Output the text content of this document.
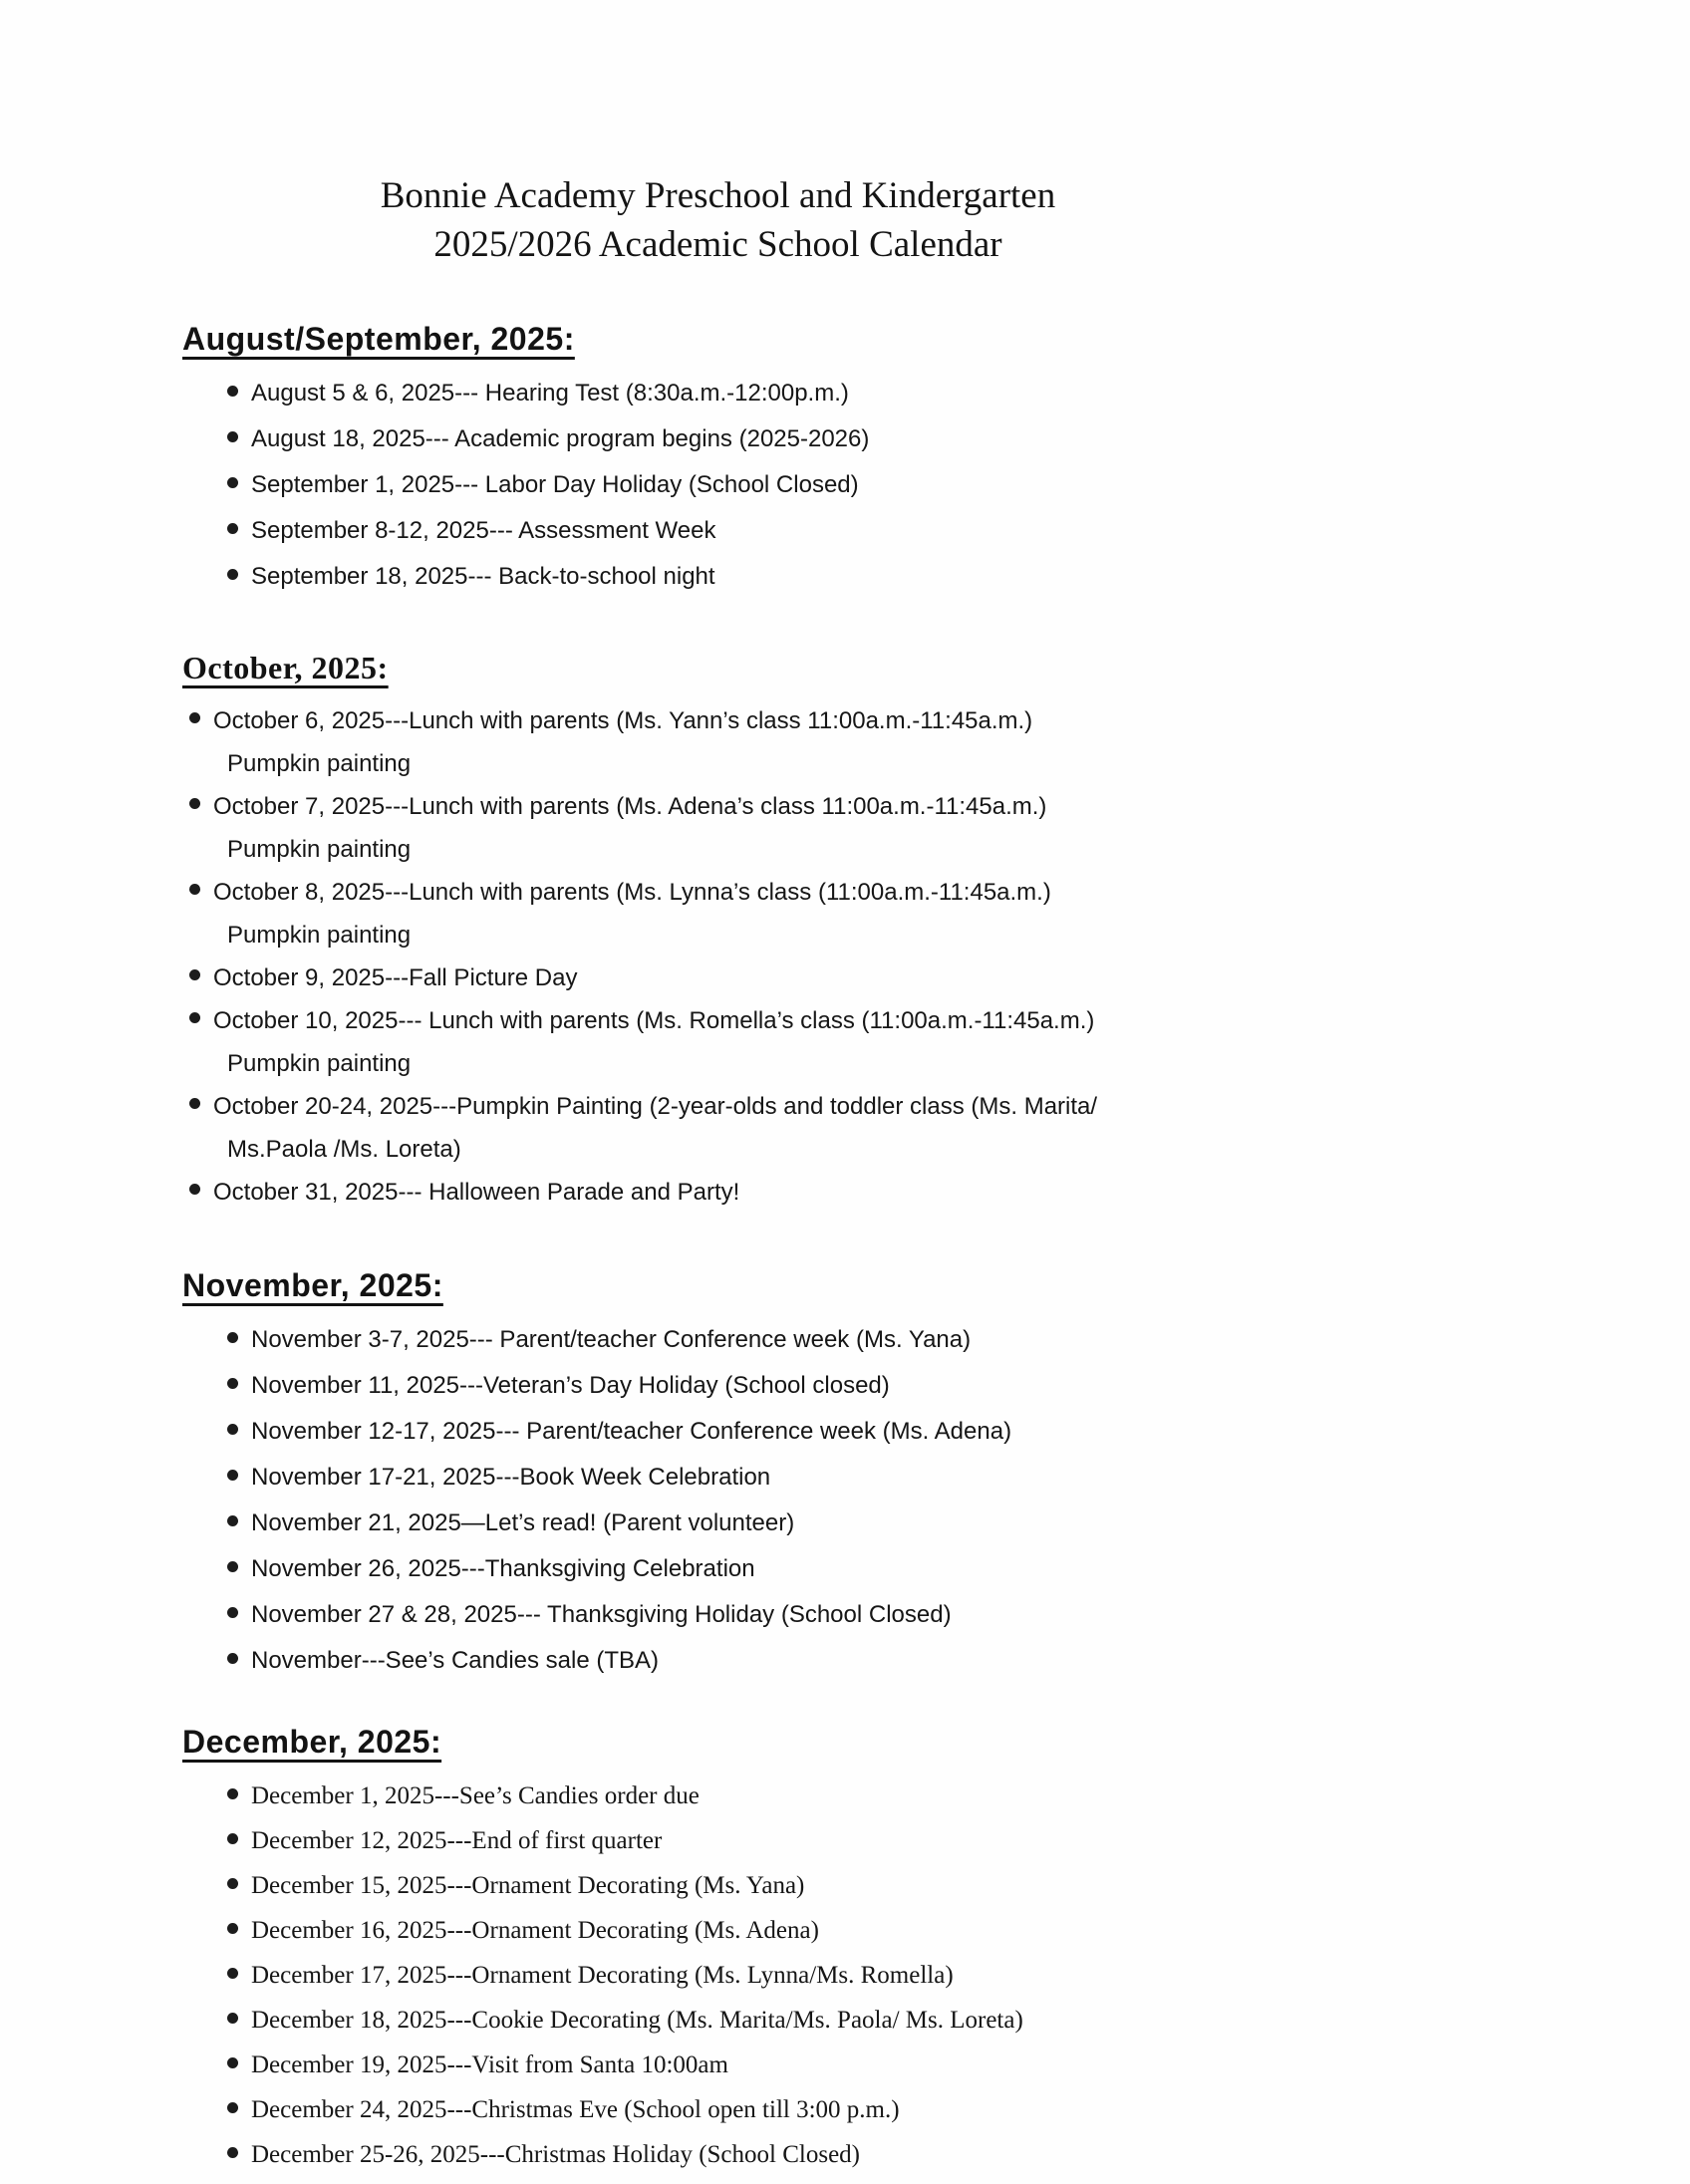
Bonnie Academy Preschool and Kindergarten
2025/2026 Academic School Calendar
August/September, 2025:
August 5 & 6, 2025--- Hearing Test (8:30a.m.-12:00p.m.)
August 18, 2025--- Academic program begins (2025-2026)
September 1, 2025--- Labor Day Holiday (School Closed)
September 8-12, 2025--- Assessment Week
September 18, 2025--- Back-to-school night
October, 2025:
October 6, 2025---Lunch with parents (Ms. Yann’s class 11:00a.m.-11:45a.m.)
Pumpkin painting
October 7, 2025---Lunch with parents (Ms. Adena’s class 11:00a.m.-11:45a.m.)
Pumpkin painting
October 8, 2025---Lunch with parents (Ms. Lynna’s class (11:00a.m.-11:45a.m.)
Pumpkin painting
October 9, 2025---Fall Picture Day
October 10, 2025--- Lunch with parents (Ms. Romella’s class (11:00a.m.-11:45a.m.)
Pumpkin painting
October 20-24, 2025---Pumpkin Painting (2-year-olds and toddler class (Ms. Marita/
Ms.Paola /Ms. Loreta)
October 31, 2025--- Halloween Parade and Party!
November, 2025:
November 3-7, 2025--- Parent/teacher Conference week (Ms. Yana)
November 11, 2025---Veteran’s Day Holiday (School closed)
November 12-17, 2025--- Parent/teacher Conference week (Ms. Adena)
November 17-21, 2025---Book Week Celebration
November 21, 2025—Let’s read! (Parent volunteer)
November 26, 2025---Thanksgiving Celebration
November 27 & 28, 2025--- Thanksgiving Holiday (School Closed)
November---See’s Candies sale (TBA)
December, 2025:
December 1, 2025---See’s Candies order due
December 12, 2025---End of first quarter
December 15, 2025---Ornament Decorating (Ms. Yana)
December 16, 2025---Ornament Decorating (Ms. Adena)
December 17, 2025---Ornament Decorating (Ms. Lynna/Ms. Romella)
December 18, 2025---Cookie Decorating (Ms. Marita/Ms. Paola/ Ms. Loreta)
December 19, 2025---Visit from Santa 10:00am
December 24, 2025---Christmas Eve (School open till 3:00 p.m.)
December 25-26, 2025---Christmas Holiday (School Closed)
